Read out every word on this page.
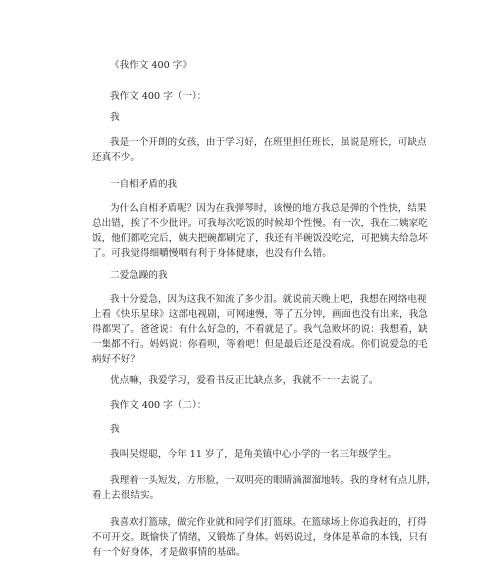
《我作文 400 字》

我作文 400 字（一）：

我

我是一个开朗的女孩，由于学习好，在班里担任班长，虽说是班长，可缺点
还真不少。

一自相矛盾的我

为什么自相矛盾呢？因为在我弹琴时，该慢的地方我总是弹的个性快，结果
总出错，挨了不少批评。可我每次吃饭的时候却个性慢。有一次，我在二姨家吃
饭，他们都吃完后，姨夫把碗都刷完了，我还有半碗饭没吃完，可把姨夫给急坏
了。可我觉得细嚼慢咽有利于身体健康，也没有什么错。

二爱急躁的我

我十分爱急，因为这我不知流了多少泪。就说前天晚上吧，我想在网络电视
上看《快乐星球》这部电视剧，可网速慢，等了五分钟，画面也没有出来，我急
得都哭了。爸爸说：有什么好急的，不看就是了。我气急败坏的说：我想看，缺
一集都不行。妈妈说：你看呗，等着吧！但是最后还是没看成。你们说爱急的毛
病好不好？

优点嘛，我爱学习，爱看书反正比缺点多，我就不一一去说了。

我作文 400 字（二）：

我

我叫吴煜聪，今年 11 岁了，是角美镇中心小学的一名三年级学生。

我理着一头短发，方形脸，一双明亮的眼睛滴溜溜地转。我的身材有点儿胖，
看上去很结实。
我喜欢打篮球，做完作业就和同学们打篮球。在篮球场上你追我赶的，打得
不可开交。既愉快了情绪，又锻炼了身体。妈妈说过，身体是革命的本钱，只有
有一个好身体，才是做事情的基础。
